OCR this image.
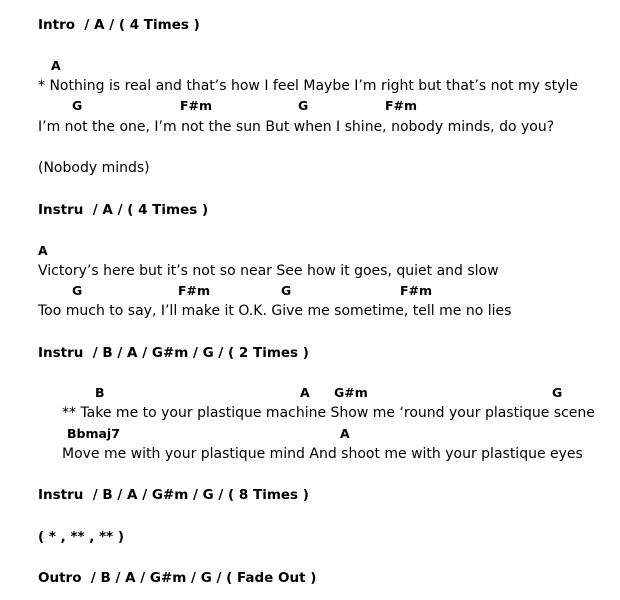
Intro  / A / ( 4 Times )
A
* Nothing is real and that’s how I feel Maybe I’m right but that’s not my style
G	F#m	G	F#m
I’m not the one, I’m not the sun But when I shine, nobody minds, do you?
(Nobody minds)
Instru  / A / ( 4 Times )
A
Victory’s here but it’s not so near See how it goes, quiet and slow
G	F#m	G	F#m
Too much to say, I’ll make it O.K. Give me sometime, tell me no lies
Instru  / B / A / G#m / G / ( 2 Times )
B	A G#m	G
** Take me to your plastique machine Show me ‘round your plastique scene
Bbmaj7	A
Move me with your plastique mind And shoot me with your plastique eyes
Instru  / B / A / G#m / G / ( 8 Times )
( * , ** , ** )
Outro  / B / A / G#m / G / ( Fade Out )
